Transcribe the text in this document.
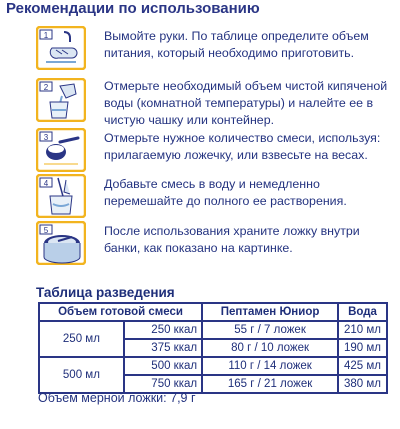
Рекомендации по использованию
1	Вымойте руки. По таблице определите объем питания, который необходимо приготовить.
2	Отмерьте необходимый объем чистой кипяченой воды (комнатной температуры) и налейте ее в чистую чашку или контейнер.
3	Отмерьте нужное количество смеси, используя: прилагаемую ложечку, или взвесьте на весах.
4	Добавьте смесь в воду и немедленно перемешайте до полного ее растворения.
5	После использования храните ложку внутри банки, как показано на картинке.
Таблица разведения
Объем готовой смеси		Пептамен Юниор	Вода
250 мл	250 ккал	55 г / 7 ложек	210 мл
	375 ккал	80 г / 10 ложек	190 мл
500 мл	500 ккал	110 г / 14 ложек	425 мл
	750 ккал	165 г / 21 ложек	380 мл
Объем мерной ложки: 7,9 г
